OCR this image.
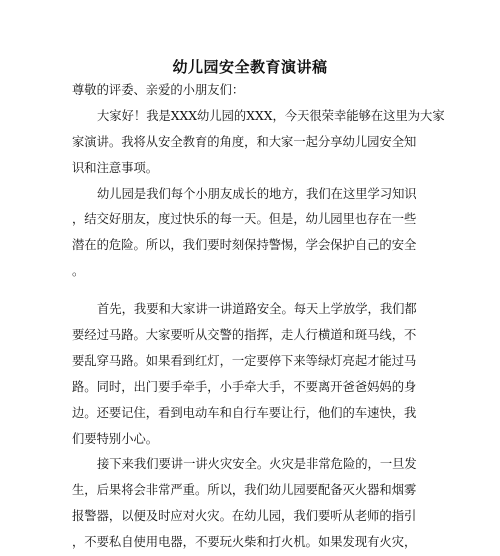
幼儿园安全教育演讲稿
尊敬的评委、亲爱的小朋友们：
大家好！我是XXX幼儿园的XXX，今天很荣幸能够在这里为大家
家演讲。我将从安全教育的角度，和大家一起分享幼儿园安全知
识和注意事项。
幼儿园是我们每个小朋友成长的地方，我们在这里学习知识
，结交好朋友，度过快乐的每一天。但是，幼儿园里也存在一些
潜在的危险。所以，我们要时刻保持警惕，学会保护自己的安全
。
首先，我要和大家讲一讲道路安全。每天上学放学，我们都
要经过马路。大家要听从交警的指挥，走人行横道和斑马线，不
要乱穿马路。如果看到红灯，一定要停下来等绿灯亮起才能过马
路。同时，出门要手牵手，小手牵大手，不要离开爸爸妈妈的身
边。还要记住，看到电动车和自行车要让行，他们的车速快，我
们要特别小心。
接下来我们要讲一讲火灾安全。火灾是非常危险的，一旦发
生，后果将会非常严重。所以，我们幼儿园要配备灭火器和烟雾
报警器，以便及时应对火灾。在幼儿园，我们要听从老师的指引
，不要私自使用电器，不要玩火柴和打火机。如果发现有火灾，
